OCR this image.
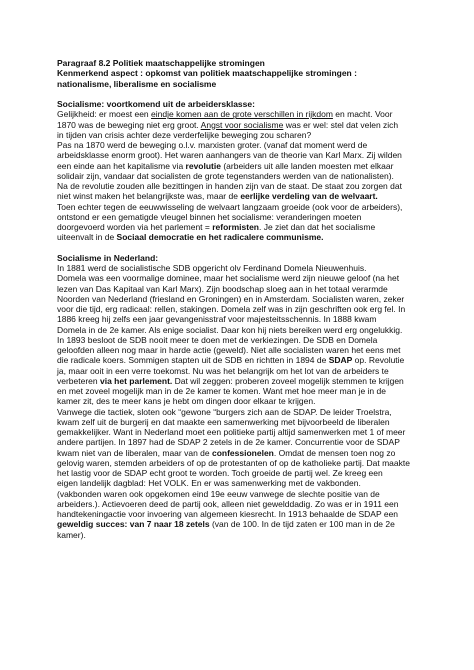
Paragraaf 8.2 Politiek maatschappelijke stromingen
Kenmerkend aspect : opkomst van politiek maatschappelijke stromingen :
nationalisme, liberalisme en socialisme
Socialisme: voortkomend uit de arbeidersklasse:
Gelijkheid: er moest een eindje komen aan de grote verschillen in rijkdom en macht. Voor
1870 was de beweging niet erg groot. Angst voor socialisme was er wel: stel dat velen zich
in tijden van crisis achter deze verderfelijke beweging zou scharen?
Pas na 1870 werd de beweging o.l.v. marxisten groter. (vanaf dat moment werd de
arbeidsklasse enorm groot). Het waren aanhangers van de theorie van Karl Marx. Zij wilden
een einde aan het kapitalisme via revolutie (arbeiders uit alle landen moesten met elkaar
solidair zijn, vandaar dat socialisten de grote tegenstanders werden van de nationalisten).
Na de revolutie zouden alle bezittingen in handen zijn van de staat. De staat zou zorgen dat
niet winst maken het belangrijkste was, maar de eerlijke verdeling van de welvaart.
Toen echter tegen de eeuwwisseling de welvaart langzaam groeide (ook voor de arbeiders),
ontstond er een gematigde vleugel binnen het socialisme: veranderingen moeten
doorgevoerd worden via het parlement = reformisten. Je ziet dan dat het socialisme
uiteenvalt in de Sociaal democratie en het radicalere communisme.
Socialisme in Nederland:
In 1881 werd de socialistische SDB opgericht olv Ferdinand Domela Nieuwenhuis.
Domela was een voormalige dominee, maar het socialisme werd zijn nieuwe geloof (na het
lezen van Das Kapitaal van Karl Marx). Zijn boodschap sloeg aan in het totaal verarmde
Noorden van Nederland (friesland en Groningen) en in Amsterdam. Socialisten waren, zeker
voor die tijd, erg radicaal: rellen, stakingen. Domela zelf was in zijn geschriften ook erg fel. In
1886 kreeg hij zelfs een jaar gevangenisstraf voor majesteitsschennis. In 1888 kwam
Domela in de 2e kamer. Als enige socialist. Daar kon hij niets bereiken werd erg ongelukkig.
In 1893 besloot de SDB nooit meer te doen met de verkiezingen. De SDB en Domela
geloofden alleen nog maar in harde actie (geweld). Niet alle socialisten waren het eens met
die radicale koers. Sommigen stapten uit de SDB en richtten in 1894 de SDAP op. Revolutie
ja, maar ooit in een verre toekomst. Nu was het belangrijk om het lot van de arbeiders te
verbeteren via het parlement. Dat wil zeggen: proberen zoveel mogelijk stemmen te krijgen
en met zoveel mogelijk man in de 2e kamer te komen. Want met hoe meer man je in de
kamer zit, des te meer kans je hebt om dingen door elkaar te krijgen.
Vanwege die tactiek, sloten ook “gewone “burgers zich aan de SDAP. De leider Troelstra,
kwam zelf uit de burgerij en dat maakte een samenwerking met bijvoorbeeld de liberalen
gemakkelijker. Want in Nederland moet een politieke partij altijd samenwerken met 1 of meer
andere partijen. In 1897 had de SDAP 2 zetels in de 2e kamer. Concurrentie voor de SDAP
kwam niet van de liberalen, maar van de confessionelen. Omdat de mensen toen nog zo
gelovig waren, stemden arbeiders of op de protestanten of op de katholieke partij. Dat maakte
het lastig voor de SDAP echt groot te worden. Toch groeide de partij wel. Ze kreeg een
eigen landelijk dagblad: Het VOLK. En er was samenwerking met de vakbonden.
(vakbonden waren ook opgekomen eind 19e eeuw vanwege de slechte positie van de
arbeiders.). Actievoeren deed de partij ook, alleen niet gewelddadig. Zo was er in 1911 een
handtekeningactie voor invoering van algemeen kiesrecht. In 1913 behaalde de SDAP een
geweldig succes: van 7 naar 18 zetels (van de 100. In de tijd zaten er 100 man in de 2e
kamer).
